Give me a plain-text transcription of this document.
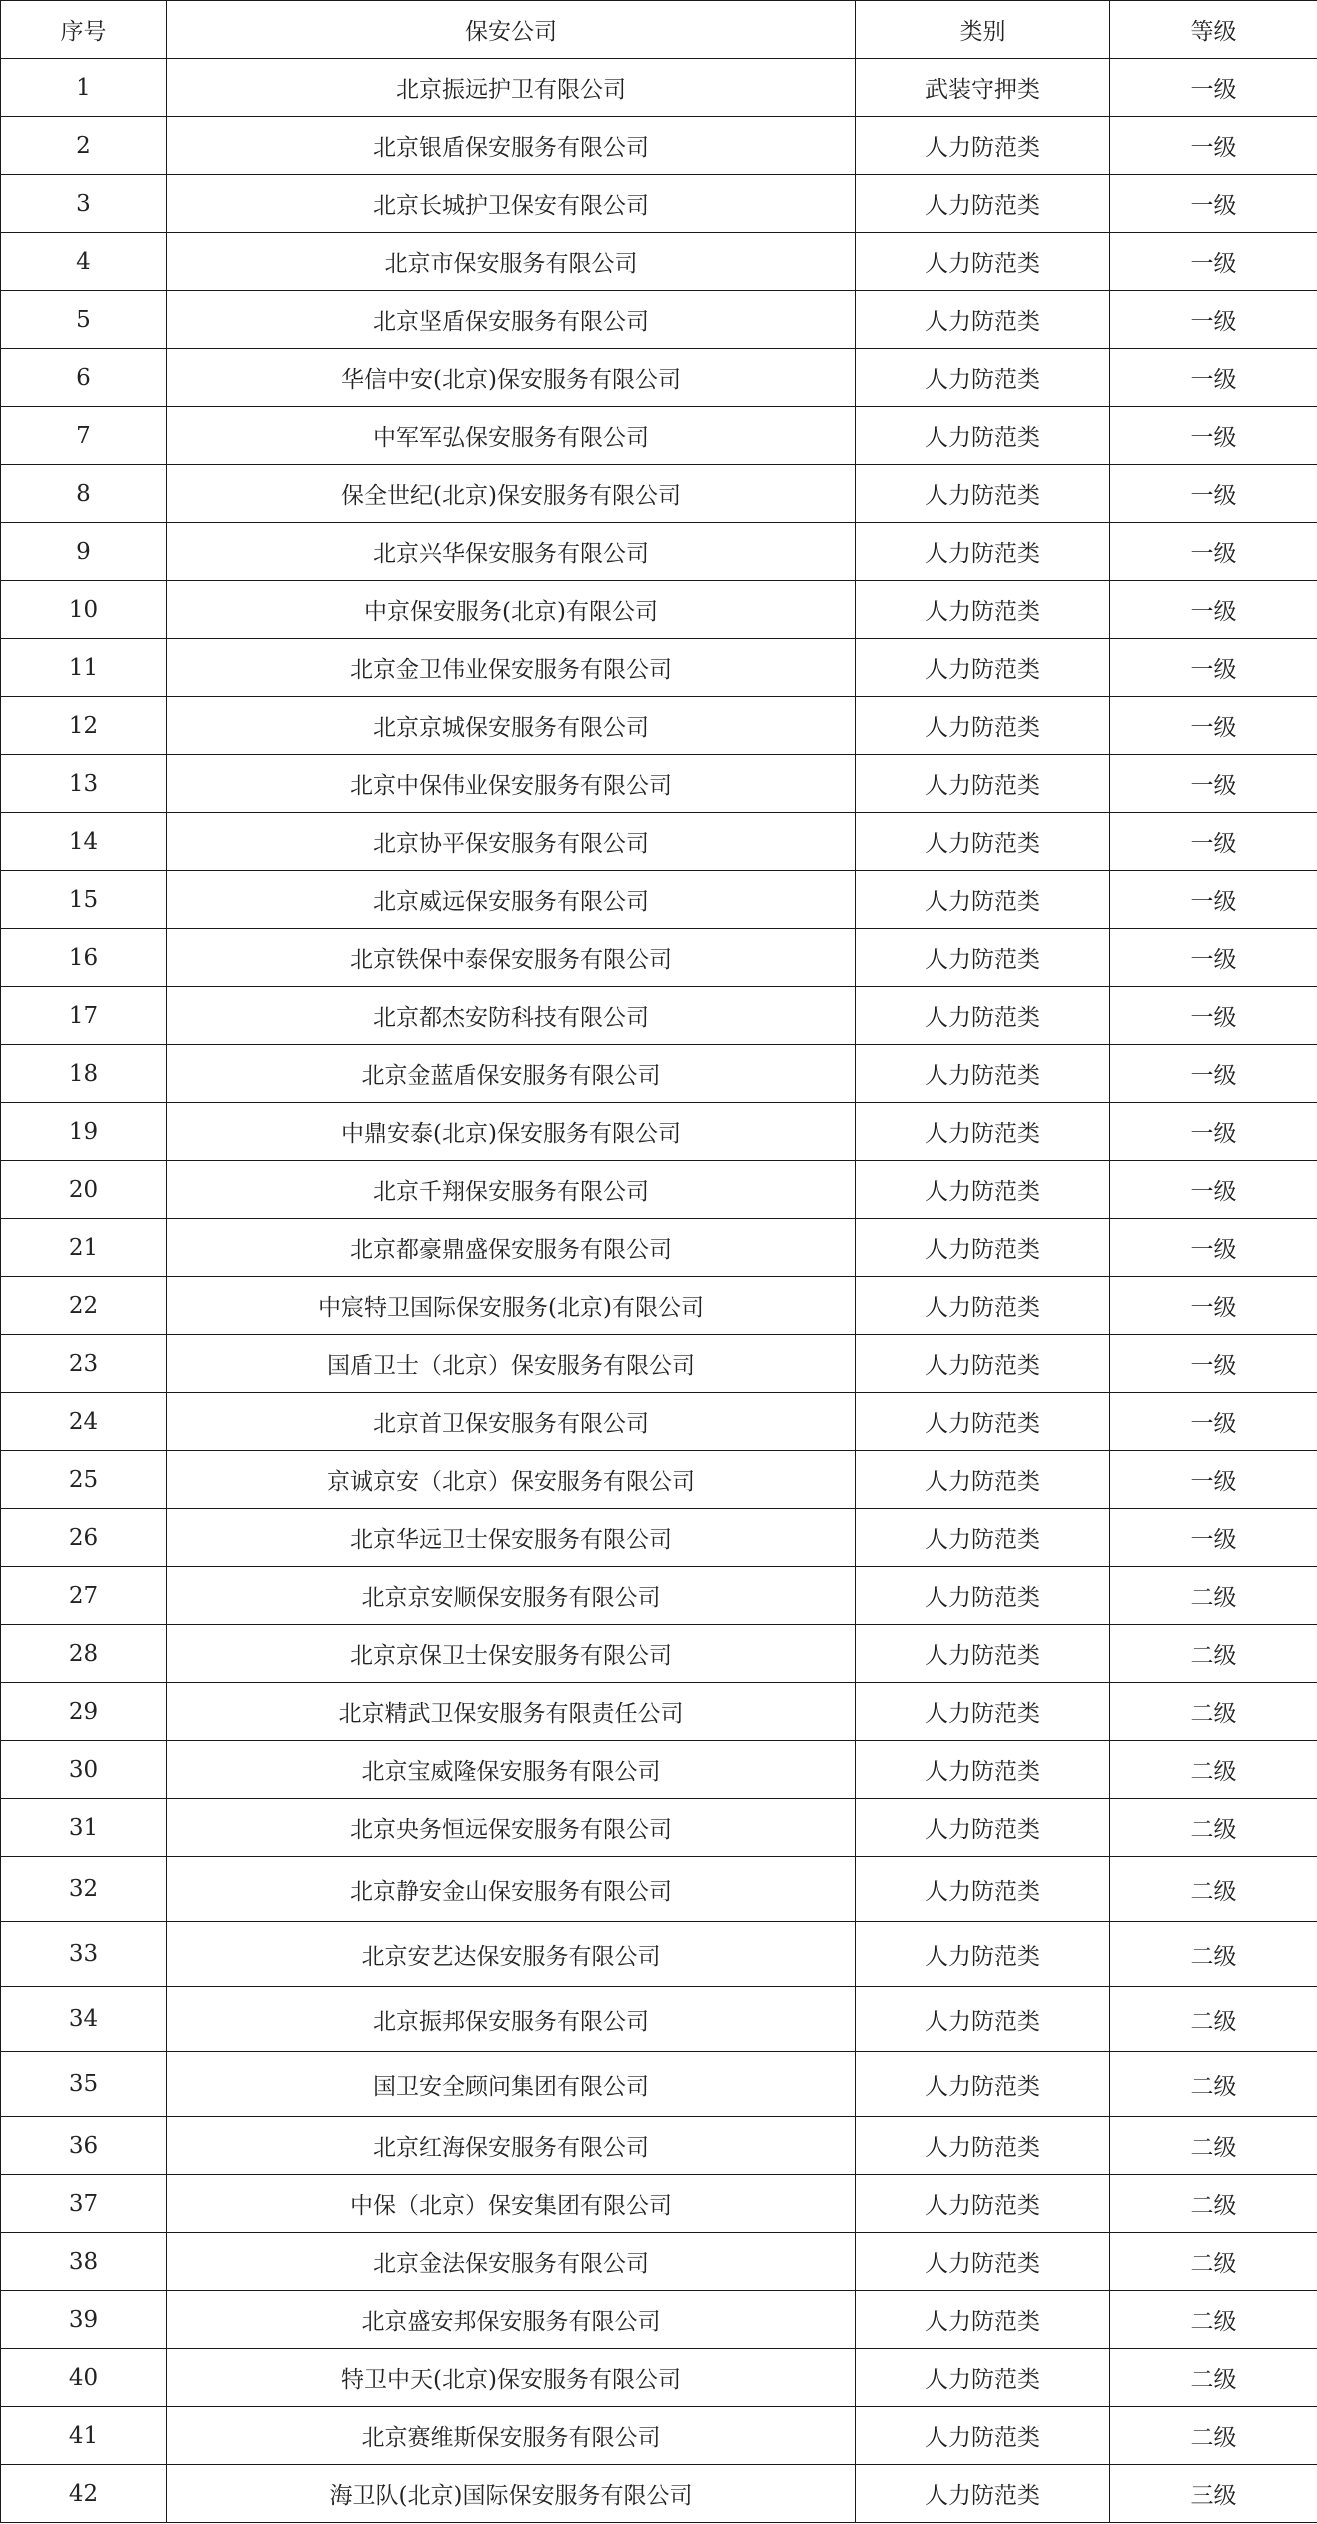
序号	保安公司	类别	等级
1	北京振远护卫有限公司	武装守押类	一级
2	北京银盾保安服务有限公司	人力防范类	一级
3	北京长城护卫保安有限公司	人力防范类	一级
4	北京市保安服务有限公司	人力防范类	一级
5	北京坚盾保安服务有限公司	人力防范类	一级
6	华信中安(北京)保安服务有限公司	人力防范类	一级
7	中军军弘保安服务有限公司	人力防范类	一级
8	保全世纪(北京)保安服务有限公司	人力防范类	一级
9	北京兴华保安服务有限公司	人力防范类	一级
10	中京保安服务(北京)有限公司	人力防范类	一级
11	北京金卫伟业保安服务有限公司	人力防范类	一级
12	北京京城保安服务有限公司	人力防范类	一级
13	北京中保伟业保安服务有限公司	人力防范类	一级
14	北京协平保安服务有限公司	人力防范类	一级
15	北京威远保安服务有限公司	人力防范类	一级
16	北京铁保中泰保安服务有限公司	人力防范类	一级
17	北京都杰安防科技有限公司	人力防范类	一级
18	北京金蓝盾保安服务有限公司	人力防范类	一级
19	中鼎安泰(北京)保安服务有限公司	人力防范类	一级
20	北京千翔保安服务有限公司	人力防范类	一级
21	北京都豪鼎盛保安服务有限公司	人力防范类	一级
22	中宸特卫国际保安服务(北京)有限公司	人力防范类	一级
23	国盾卫士（北京）保安服务有限公司	人力防范类	一级
24	北京首卫保安服务有限公司	人力防范类	一级
25	京诚京安（北京）保安服务有限公司	人力防范类	一级
26	北京华远卫士保安服务有限公司	人力防范类	一级
27	北京京安顺保安服务有限公司	人力防范类	二级
28	北京京保卫士保安服务有限公司	人力防范类	二级
29	北京精武卫保安服务有限责任公司	人力防范类	二级
30	北京宝威隆保安服务有限公司	人力防范类	二级
31	北京央务恒远保安服务有限公司	人力防范类	二级
32	北京静安金山保安服务有限公司	人力防范类	二级
33	北京安艺达保安服务有限公司	人力防范类	二级
34	北京振邦保安服务有限公司	人力防范类	二级
35	国卫安全顾问集团有限公司	人力防范类	二级
36	北京红海保安服务有限公司	人力防范类	二级
37	中保（北京）保安集团有限公司	人力防范类	二级
38	北京金法保安服务有限公司	人力防范类	二级
39	北京盛安邦保安服务有限公司	人力防范类	二级
40	特卫中天(北京)保安服务有限公司	人力防范类	二级
41	北京赛维斯保安服务有限公司	人力防范类	二级
42	海卫队(北京)国际保安服务有限公司	人力防范类	三级
